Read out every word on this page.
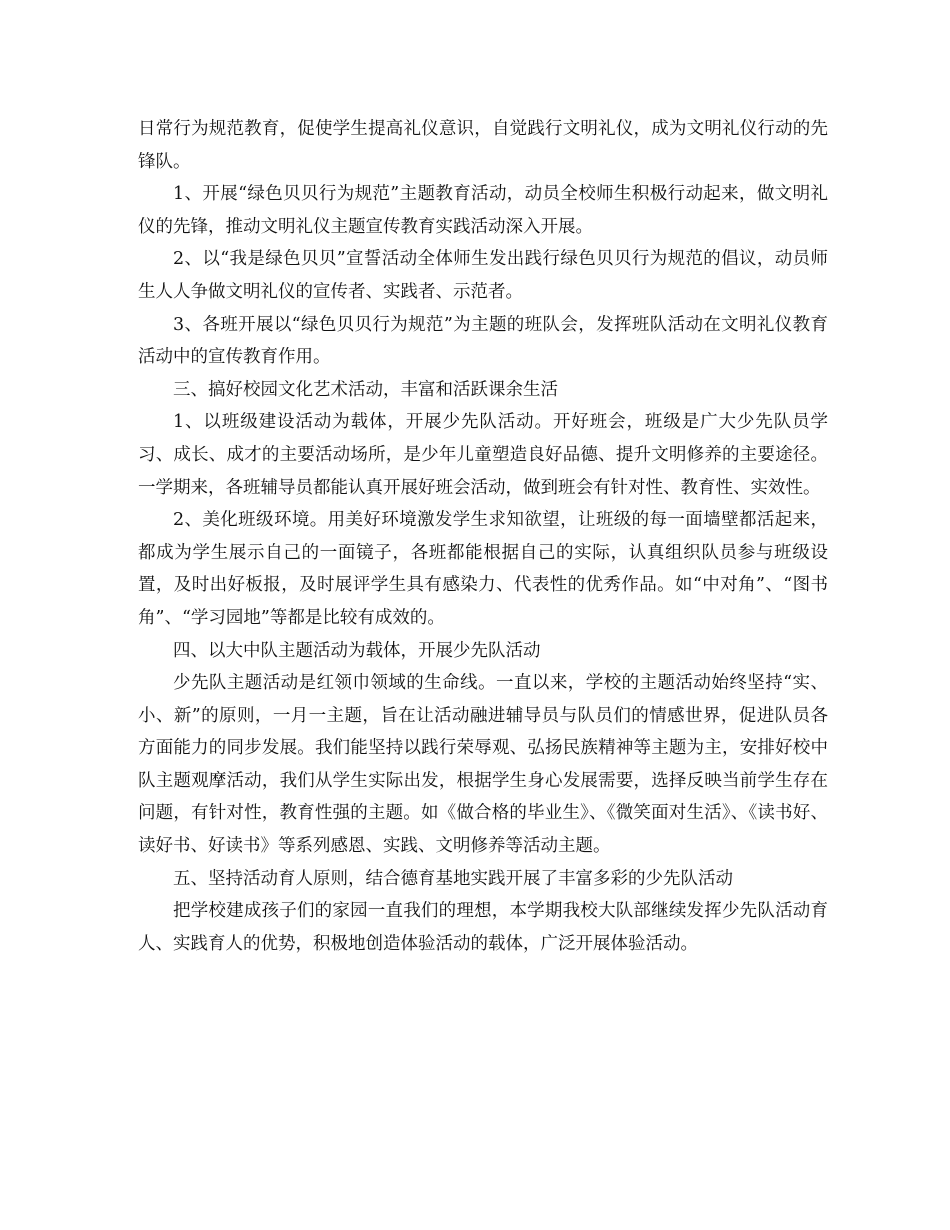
日常行为规范教育，促使学生提高礼仪意识，自觉践行文明礼仪，成为文明礼仪行动的先锋队。

1、开展“绿色贝贝行为规范”主题教育活动，动员全校师生积极行动起来，做文明礼仪的先锋，推动文明礼仪主题宣传教育实践活动深入开展。

2、以“我是绿色贝贝”宣誓活动全体师生发出践行绿色贝贝行为规范的倡议，动员师生人人争做文明礼仪的宣传者、实践者、示范者。

3、各班开展以“绿色贝贝行为规范”为主题的班队会，发挥班队活动在文明礼仪教育活动中的宣传教育作用。

三、搞好校园文化艺术活动，丰富和活跃课余生活

1、以班级建设活动为载体，开展少先队活动。开好班会，班级是广大少先队员学习、成长、成才的主要活动场所，是少年儿童塑造良好品德、提升文明修养的主要途径。一学期来，各班辅导员都能认真开展好班会活动，做到班会有针对性、教育性、实效性。

2、美化班级环境。用美好环境激发学生求知欲望，让班级的每一面墙壁都活起来，都成为学生展示自己的一面镜子，各班都能根据自己的实际，认真组织队员参与班级设置，及时出好板报，及时展评学生具有感染力、代表性的优秀作品。如“中对角”、“图书角”、“学习园地”等都是比较有成效的。

四、以大中队主题活动为载体，开展少先队活动

少先队主题活动是红领巾领域的生命线。一直以来，学校的主题活动始终坚持“实、小、新”的原则，一月一主题，旨在让活动融进辅导员与队员们的情感世界，促进队员各方面能力的同步发展。我们能坚持以践行荣辱观、弘扬民族精神等主题为主，安排好校中队主题观摩活动，我们从学生实际出发，根据学生身心发展需要，选择反映当前学生存在问题，有针对性，教育性强的主题。如《做合格的毕业生》、《微笑面对生活》、《读书好、读好书、好读书》等系列感恩、实践、文明修养等活动主题。

五、坚持活动育人原则，结合德育基地实践开展了丰富多彩的少先队活动

把学校建成孩子们的家园一直我们的理想，本学期我校大队部继续发挥少先队活动育人、实践育人的优势，积极地创造体验活动的载体，广泛开展体验活动。
